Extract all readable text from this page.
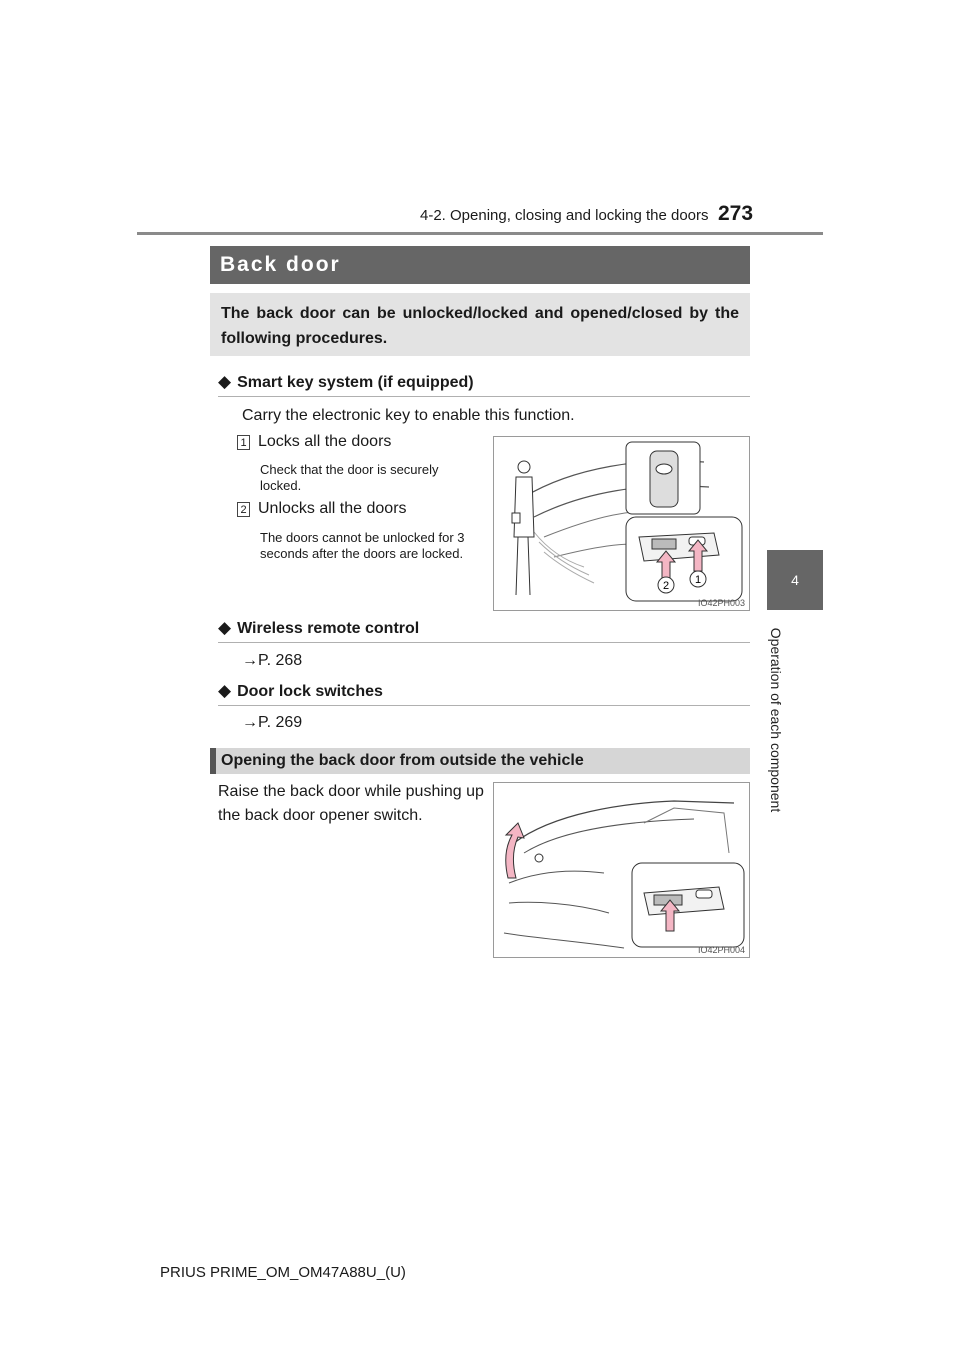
4-2. Opening, closing and locking the doors 273
4
Operation of each component
Back door
The back door can be unlocked/locked and opened/closed by the following procedures.
◆ Smart key system (if equipped)
Carry the electronic key to enable this function.
1 Locks all the doors
Check that the door is securely locked.
2 Unlocks all the doors
The doors cannot be unlocked for 3 seconds after the doors are locked.
2 1
IO42PH003
◆ Wireless remote control
→P. 268
◆ Door lock switches
→P. 269
Opening the back door from outside the vehicle
Raise the back door while pushing up the back door opener switch.
IO42PH004
PRIUS PRIME_OM_OM47A88U_(U)
